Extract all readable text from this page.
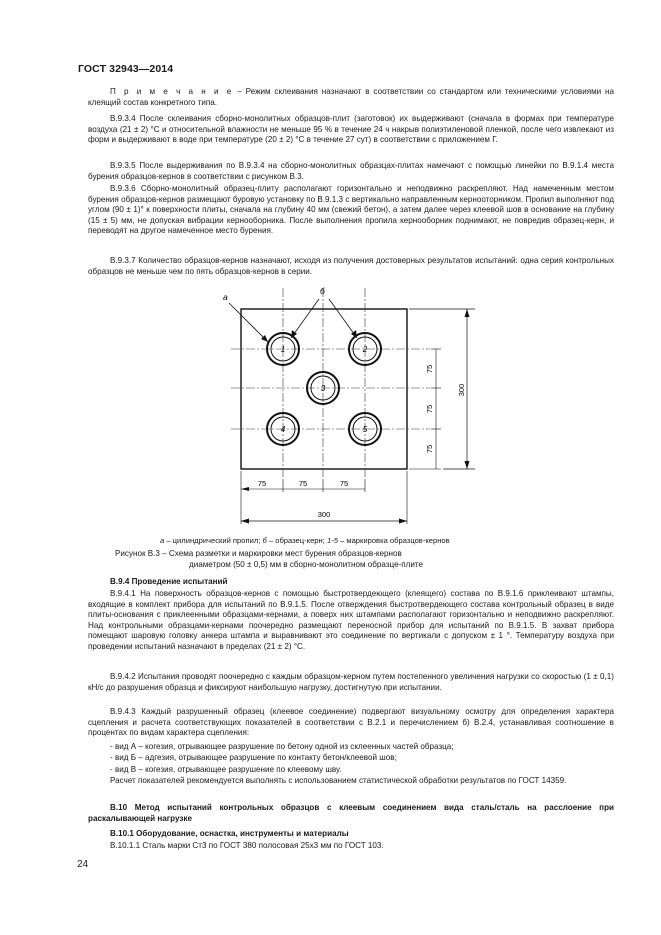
ГОСТ 32943—2014

П р и м е ч а н и е – Режим склеивания назначают в соответствии со стандартом или техническими условиями на клеящий состав конкретного типа.

В.9.3.4 После склеивания сборно-монолитных образцов-плит (заготовок) их выдерживают (сначала в формах при температуре воздуха (21 ± 2) °С и относительной влажности не меньше 95 % в течение 24 ч накрыв полиэтиленовой пленкой, после чего извлекают из форм и выдерживают в воде при температуре (20 ± 2) °С в течение 27 сут) в соответствии с приложением Г.

В.9.3.5 После выдерживания по В.9.3.4 на сборно-монолитных образцах-плитах намечают с помощью линейки по В.9.1.4 места бурения образцов-кернов в соответствии с рисунком В.3.

В.9.3.6 Сборно-монолитный образец-плиту располагают горизонтально и неподвижно раскрепляют. Над намеченным местом бурения образцов-кернов размещают буровую установку по В.9.1.3 с вертикально направленным кернооторником. Пропил выполняют под углом (90 ± 1)° к поверхности плиты, сначала на глубину 40 мм (свежий бетон), а затем далее через клеевой шов в основание на глубину (15 ± 5) мм, не допуская вибрации кернооборника. После выполнения пропила кернооборник поднимают, не повредив образец-керн, и переводят на другое намеченное место бурения.

В.9.3.7 Количество образцов-кернов назначают, исходя из получения достоверных результатов испытаний: одна серия контрольных образцов не меньше чем по пять образцов-кернов в серии.

1	2
3
4	5
а
б
75
75
75
300
75	75	75
300
а – цилиндрический пропил; б – образец-керн; 1-5 – маркировка образцов-кернов
Рисунок В.3 – Схема разметки и маркировки мест бурения образцов-кернов
диаметром (50 ± 0,5) мм в сборно-монолитном образце-плите

В.9.4 Проведение испытаний

В.9.4.1 На поверхность образцов-кернов с помощью быстротвердеющего (клеящего) состава по В.9.1.6 приклеивают штампы, входящие в комплект прибора для испытаний по В.9.1.5. После отверждения быстротвердеющего состава контрольный образец в виде плиты-основания с приклеенными образцами-кернами, а поверх них штампами располагают горизонтально и неподвижно раскрепляют. Над контрольными образцами-кернами поочередно размещают переносной прибор для испытаний по В.9.1.5. В захват прибора помещают шаровую головку анкера штампа и выравнивают это соединение по вертикали с допуском ± 1 °. Температуру воздуха при проведении испытаний назначают в пределах (21 ± 2) °С.

В.9.4.2 Испытания проводят поочередно с каждым образцом-керном путем постепенного увеличения нагрузки со скоростью (1 ± 0,1) кН/с до разрушения образца и фиксируют наибольшую нагрузку, достигнутую при испытании.

В.9.4.3 Каждый разрушенный образец (клеевое соединение) подвергают визуальному осмотру для определения характера сцепления и расчета соответствующих показателей в соответствии с В.2.1 и перечислением б) В.2.4, устанавливая соотношение в процентах по видам характера сцепления:

- вид А – когезия, отрывающее разрушение по бетону одной из склеенных частей образца;

- вид Б – адгезия, отрывающее разрушение по контакту бетон/клеевой шов;

- вид В – когезия, отрывающее разрушение по клеевому шву.

Расчет показателей рекомендуется выполнять с использованием статистической обработки результатов по ГОСТ 14359.

В.10 Метод испытаний контрольных образцов с клеевым соединением вида сталь/сталь на расслоение при раскалывающей нагрузке

В.10.1 Оборудование, оснастка, инструменты и материалы

В.10.1.1 Сталь марки Ст3 по ГОСТ 380 полосовая 25х3 мм по ГОСТ 103.

24
